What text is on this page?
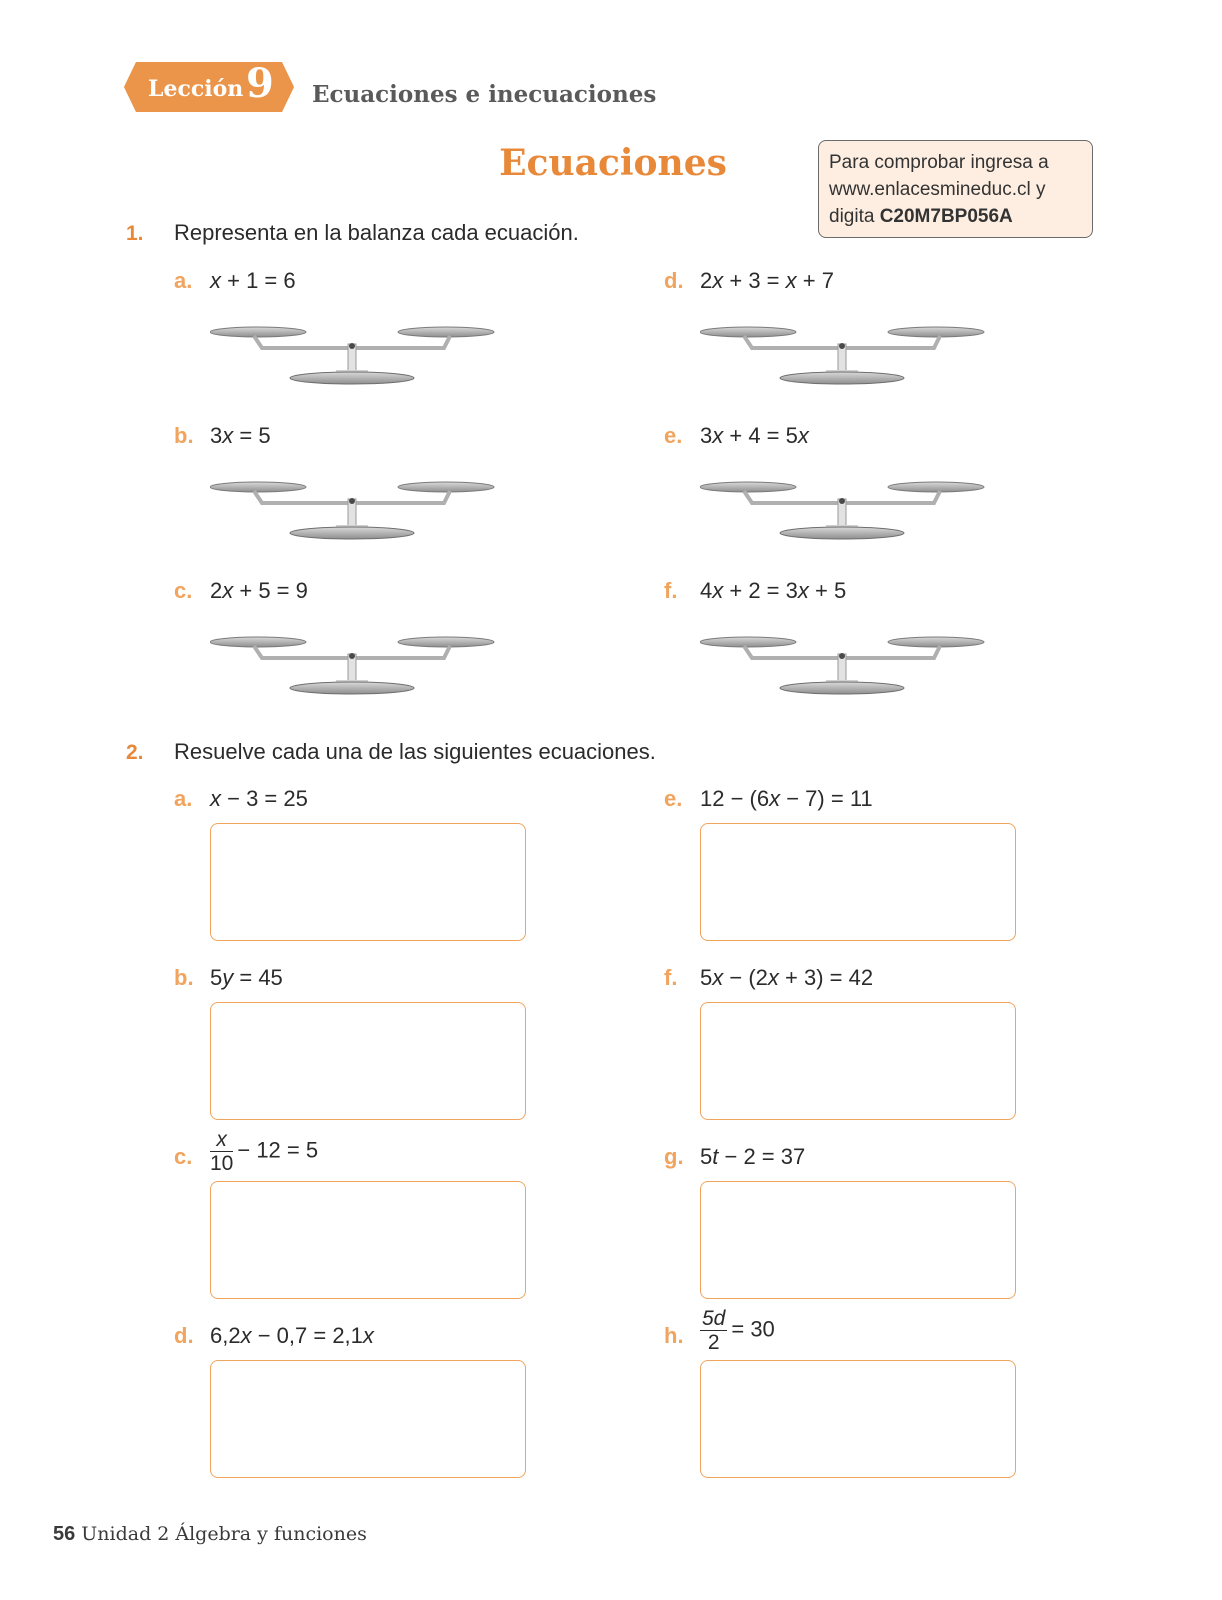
Lección 9 Ecuaciones e inecuaciones
Ecuaciones	Para comprobar ingresa a
www.enlacesmineduc.cl y
digita C20M7BP056A
1. Representa en la balanza cada ecuación.
a. x + 1 = 6
b. 3x = 5
c. 2x + 5 = 9
d. 2x + 3 = x + 7
e. 3x + 4 = 5x
f. 4x + 2 = 3x + 5
2. Resuelve cada una de las siguientes ecuaciones.
a. x − 3 = 25
b. 5y = 45
c. $\frac{x}{10} - 12 = 5$
d. 6,2x − 0,7 = 2,1x
e. 12 − (6x − 7) = 11
f. 5x − (2x + 3) = 42
g. 5t − 2 = 37
h. $\frac{5d}{2} = 30$
56 Unidad 2 Álgebra y funciones
